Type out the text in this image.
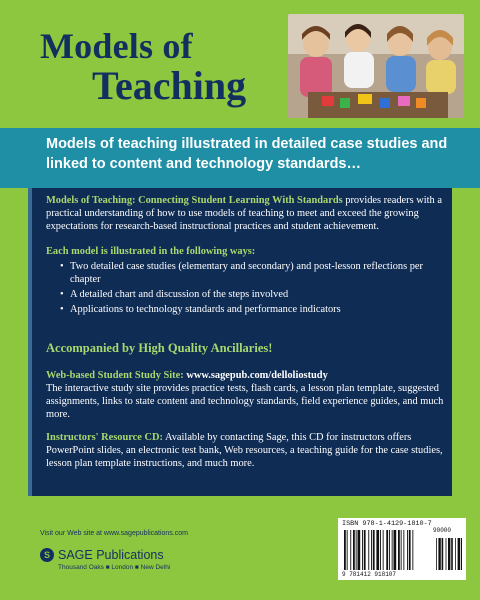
Models of
Teaching

Models of teaching illustrated in detailed case studies and linked to content and technology standards…

Models of Teaching: Connecting Student Learning With Standards provides readers with a practical understanding of how to use models of teaching to meet and exceed the growing expectations for research-based instructional practices and student achievement.

Each model is illustrated in the following ways:
• Two detailed case studies (elementary and secondary) and post-lesson reflections per chapter
• A detailed chart and discussion of the steps involved
• Applications to technology standards and performance indicators
Accompanied by High Quality Ancillaries!

Web-based Student Study Site: www.sagepub.com/delloliostudy
The interactive study site provides practice tests, flash cards, a lesson plan template, suggested assignments, links to state content and technology standards, field experience guides, and much more.

Instructors' Resource CD: Available by contacting Sage, this CD for instructors offers PowerPoint slides, an electronic test bank, Web resources, a teaching guide for the case studies, lesson plan template instructions, and much more.

Visit our Web site at www.sagepublications.com
S SAGE Publications
Thousand Oaks ■ London ■ New Delhi
ISBN 978-1-4129-1810-7
90000
9 781412 918107
